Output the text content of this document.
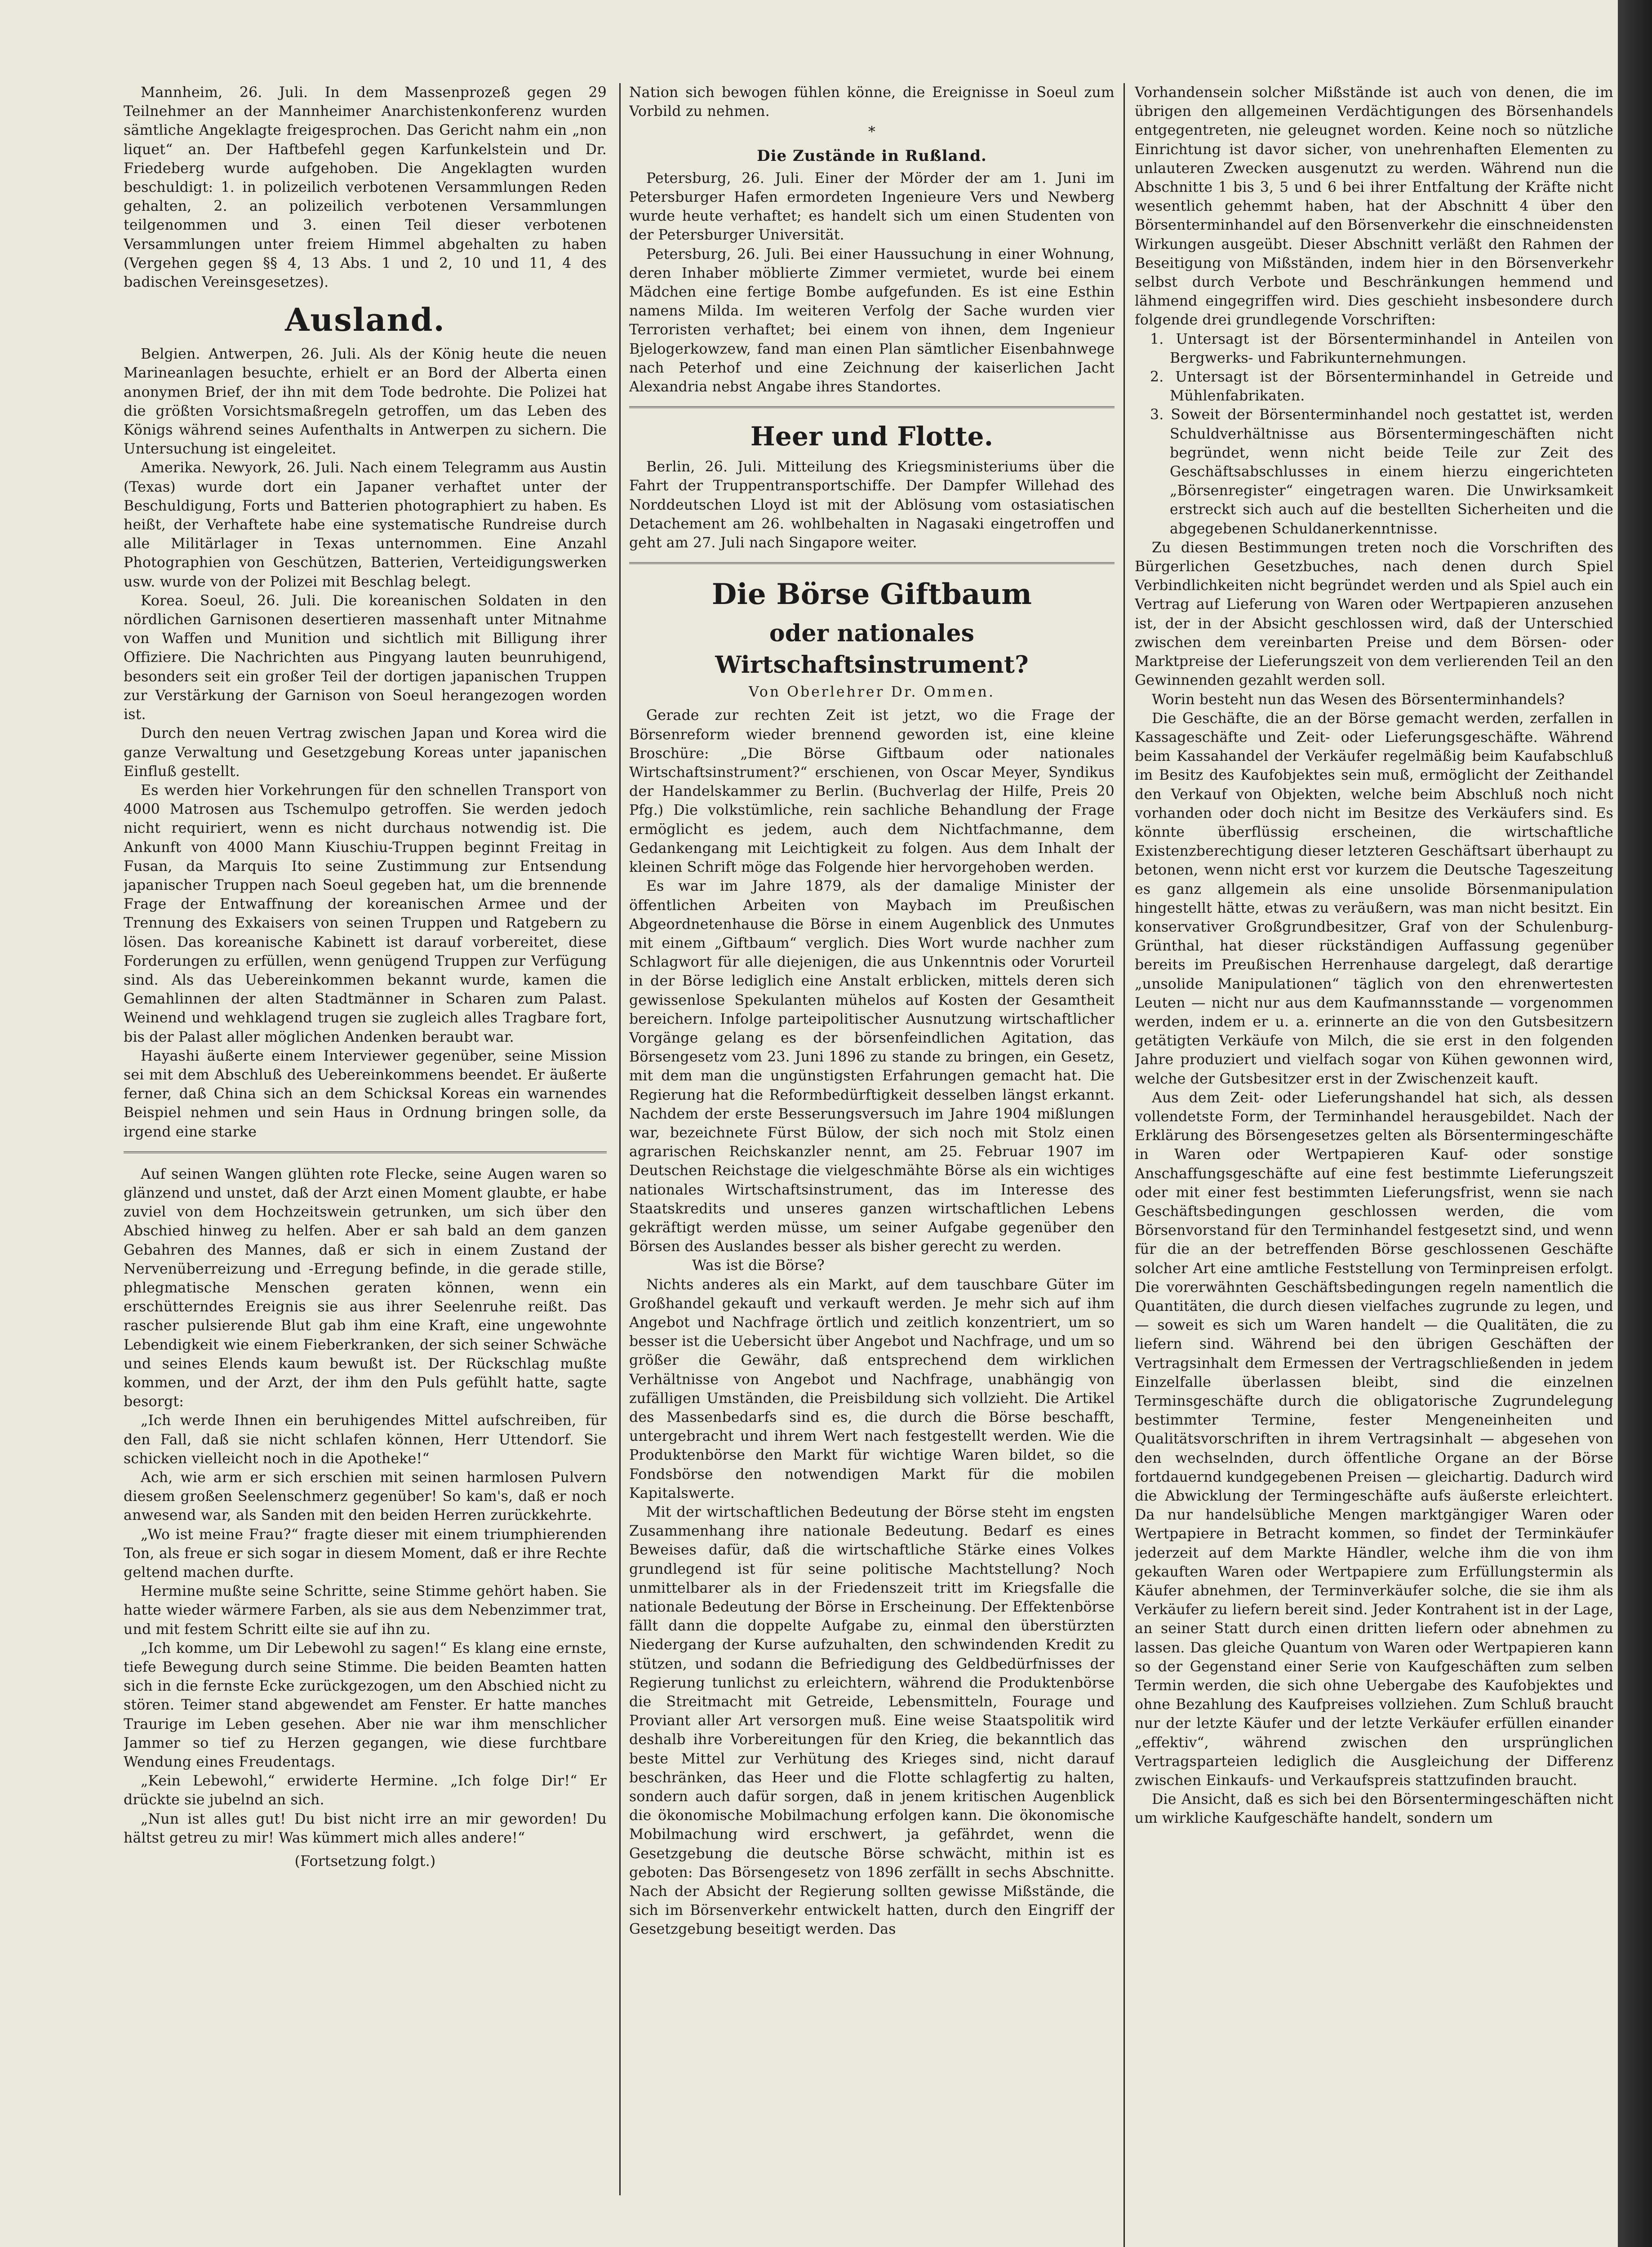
Mannheim, 26. Juli. In dem Massenprozeß gegen 29 Teilnehmer an der Mannheimer Anarchistenkonferenz wurden sämtliche Angeklagte freigesprochen. Das Gericht nahm ein „non liquet“ an. Der Haftbefehl gegen Karfunkelstein und Dr. Friedeberg wurde aufgehoben. Die Angeklagten wurden beschuldigt: 1. in polizeilich verbotenen Versammlungen Reden gehalten, 2. an polizeilich verbotenen Versammlungen teilgenommen und 3. einen Teil dieser verbotenen Versammlungen unter freiem Himmel abgehalten zu haben (Vergehen gegen §§ 4, 13 Abs. 1 und 2, 10 und 11, 4 des badischen Vereinsgesetzes).

Ausland.

Belgien. Antwerpen, 26. Juli. Als der König heute die neuen Marineanlagen besuchte, erhielt er an Bord der Alberta einen anonymen Brief, der ihn mit dem Tode bedrohte. Die Polizei hat die größten Vorsichtsmaßregeln getroffen, um das Leben des Königs während seines Aufenthalts in Antwerpen zu sichern. Die Untersuchung ist eingeleitet.

Amerika. Newyork, 26. Juli. Nach einem Telegramm aus Austin (Texas) wurde dort ein Japaner verhaftet unter der Beschuldigung, Forts und Batterien photographiert zu haben. Es heißt, der Verhaftete habe eine systematische Rundreise durch alle Militärlager in Texas unternommen. Eine Anzahl Photographien von Geschützen, Batterien, Verteidigungswerken usw. wurde von der Polizei mit Beschlag belegt.

Korea. Soeul, 26. Juli. Die koreanischen Soldaten in den nördlichen Garnisonen desertieren massenhaft unter Mitnahme von Waffen und Munition und sichtlich mit Billigung ihrer Offiziere. Die Nachrichten aus Pingyang lauten beunruhigend, besonders seit ein großer Teil der dortigen japanischen Truppen zur Verstärkung der Garnison von Soeul herangezogen worden ist.

Durch den neuen Vertrag zwischen Japan und Korea wird die ganze Verwaltung und Gesetzgebung Koreas unter japanischen Einfluß gestellt.

Es werden hier Vorkehrungen für den schnellen Transport von 4000 Matrosen aus Tschemulpo getroffen. Sie werden jedoch nicht requiriert, wenn es nicht durchaus notwendig ist. Die Ankunft von 4000 Mann Kiuschiu-Truppen beginnt Freitag in Fusan, da Marquis Ito seine Zustimmung zur Entsendung japanischer Truppen nach Soeul gegeben hat, um die brennende Frage der Entwaffnung der koreanischen Armee und der Trennung des Exkaisers von seinen Truppen und Ratgebern zu lösen. Das koreanische Kabinett ist darauf vorbereitet, diese Forderungen zu erfüllen, wenn genügend Truppen zur Verfügung sind. Als das Uebereinkommen bekannt wurde, kamen die Gemahlinnen der alten Stadtmänner in Scharen zum Palast. Weinend und wehklagend trugen sie zugleich alles Tragbare fort, bis der Palast aller möglichen Andenken beraubt war.

Hayashi äußerte einem Interviewer gegenüber, seine Mission sei mit dem Abschluß des Uebereinkommens beendet. Er äußerte ferner, daß China sich an dem Schicksal Koreas ein warnendes Beispiel nehmen und sein Haus in Ordnung bringen solle, da irgend eine starke

Auf seinen Wangen glühten rote Flecke, seine Augen waren so glänzend und unstet, daß der Arzt einen Moment glaubte, er habe zuviel von dem Hochzeitswein getrunken, um sich über den Abschied hinweg zu helfen. Aber er sah bald an dem ganzen Gebahren des Mannes, daß er sich in einem Zustand der Nervenüberreizung und -Erregung befinde, in die gerade stille, phlegmatische Menschen geraten können, wenn ein erschütterndes Ereignis sie aus ihrer Seelenruhe reißt. Das rascher pulsierende Blut gab ihm eine Kraft, eine ungewohnte Lebendigkeit wie einem Fieberkranken, der sich seiner Schwäche und seines Elends kaum bewußt ist. Der Rückschlag mußte kommen, und der Arzt, der ihm den Puls gefühlt hatte, sagte besorgt:

„Ich werde Ihnen ein beruhigendes Mittel aufschreiben, für den Fall, daß sie nicht schlafen können, Herr Uttendorf. Sie schicken vielleicht noch in die Apotheke!“

Ach, wie arm er sich erschien mit seinen harmlosen Pulvern diesem großen Seelenschmerz gegenüber! So kam's, daß er noch anwesend war, als Sanden mit den beiden Herren zurückkehrte.

„Wo ist meine Frau?“ fragte dieser mit einem triumphierenden Ton, als freue er sich sogar in diesem Moment, daß er ihre Rechte geltend machen durfte.

Hermine mußte seine Schritte, seine Stimme gehört haben. Sie hatte wieder wärmere Farben, als sie aus dem Nebenzimmer trat, und mit festem Schritt eilte sie auf ihn zu.

„Ich komme, um Dir Lebewohl zu sagen!“ Es klang eine ernste, tiefe Bewegung durch seine Stimme. Die beiden Beamten hatten sich in die fernste Ecke zurückgezogen, um den Abschied nicht zu stören. Teimer stand abgewendet am Fenster. Er hatte manches Traurige im Leben gesehen. Aber nie war ihm menschlicher Jammer so tief zu Herzen gegangen, wie diese furchtbare Wendung eines Freudentags.

„Kein Lebewohl,“ erwiderte Hermine. „Ich folge Dir!“ Er drückte sie jubelnd an sich.

„Nun ist alles gut! Du bist nicht irre an mir geworden! Du hältst getreu zu mir! Was kümmert mich alles andere!“

(Fortsetzung folgt.)

Nation sich bewogen fühlen könne, die Ereignisse in Soeul zum Vorbild zu nehmen.

*
Die Zustände in Rußland.

Petersburg, 26. Juli. Einer der Mörder der am 1. Juni im Petersburger Hafen ermordeten Ingenieure Vers und Newberg wurde heute verhaftet; es handelt sich um einen Studenten von der Petersburger Universität.

Petersburg, 26. Juli. Bei einer Haussuchung in einer Wohnung, deren Inhaber möblierte Zimmer vermietet, wurde bei einem Mädchen eine fertige Bombe aufgefunden. Es ist eine Esthin namens Milda. Im weiteren Verfolg der Sache wurden vier Terroristen verhaftet; bei einem von ihnen, dem Ingenieur Bjelogerkowzew, fand man einen Plan sämtlicher Eisenbahnwege nach Peterhof und eine Zeichnung der kaiserlichen Jacht Alexandria nebst Angabe ihres Standortes.

Heer und Flotte.

Berlin, 26. Juli. Mitteilung des Kriegsministeriums über die Fahrt der Truppentransportschiffe. Der Dampfer Willehad des Norddeutschen Lloyd ist mit der Ablösung vom ostasiatischen Detachement am 26. wohlbehalten in Nagasaki eingetroffen und geht am 27. Juli nach Singapore weiter.

Die Börse Giftbaum
oder nationales Wirtschaftsinstrument?
Von Oberlehrer Dr. Ommen.

Gerade zur rechten Zeit ist jetzt, wo die Frage der Börsenreform wieder brennend geworden ist, eine kleine Broschüre: „Die Börse Giftbaum oder nationales Wirtschaftsinstrument?“ erschienen, von Oscar Meyer, Syndikus der Handelskammer zu Berlin. (Buchverlag der Hilfe, Preis 20 Pfg.) Die volkstümliche, rein sachliche Behandlung der Frage ermöglicht es jedem, auch dem Nichtfachmanne, dem Gedankengang mit Leichtigkeit zu folgen. Aus dem Inhalt der kleinen Schrift möge das Folgende hier hervorgehoben werden.

Es war im Jahre 1879, als der damalige Minister der öffentlichen Arbeiten von Maybach im Preußischen Abgeordnetenhause die Börse in einem Augenblick des Unmutes mit einem „Giftbaum“ verglich. Dies Wort wurde nachher zum Schlagwort für alle diejenigen, die aus Unkenntnis oder Vorurteil in der Börse lediglich eine Anstalt erblicken, mittels deren sich gewissenlose Spekulanten mühelos auf Kosten der Gesamtheit bereichern. Infolge parteipolitischer Ausnutzung wirtschaftlicher Vorgänge gelang es der börsenfeindlichen Agitation, das Börsengesetz vom 23. Juni 1896 zu stande zu bringen, ein Gesetz, mit dem man die ungünstigsten Erfahrungen gemacht hat. Die Regierung hat die Reformbedürftigkeit desselben längst erkannt. Nachdem der erste Besserungsversuch im Jahre 1904 mißlungen war, bezeichnete Fürst Bülow, der sich noch mit Stolz einen agrarischen Reichskanzler nennt, am 25. Februar 1907 im Deutschen Reichstage die vielgeschmähte Börse als ein wichtiges nationales Wirtschaftsinstrument, das im Interesse des Staatskredits und unseres ganzen wirtschaftlichen Lebens gekräftigt werden müsse, um seiner Aufgabe gegenüber den Börsen des Auslandes besser als bisher gerecht zu werden.

Was ist die Börse?

Nichts anderes als ein Markt, auf dem tauschbare Güter im Großhandel gekauft und verkauft werden. Je mehr sich auf ihm Angebot und Nachfrage örtlich und zeitlich konzentriert, um so besser ist die Uebersicht über Angebot und Nachfrage, und um so größer die Gewähr, daß entsprechend dem wirklichen Verhältnisse von Angebot und Nachfrage, unabhängig von zufälligen Umständen, die Preisbildung sich vollzieht. Die Artikel des Massenbedarfs sind es, die durch die Börse beschafft, untergebracht und ihrem Wert nach festgestellt werden. Wie die Produktenbörse den Markt für wichtige Waren bildet, so die Fondsbörse den notwendigen Markt für die mobilen Kapitalswerte.

Mit der wirtschaftlichen Bedeutung der Börse steht im engsten Zusammenhang ihre nationale Bedeutung. Bedarf es eines Beweises dafür, daß die wirtschaftliche Stärke eines Volkes grundlegend ist für seine politische Machtstellung? Noch unmittelbarer als in der Friedenszeit tritt im Kriegsfalle die nationale Bedeutung der Börse in Erscheinung. Der Effektenbörse fällt dann die doppelte Aufgabe zu, einmal den überstürzten Niedergang der Kurse aufzuhalten, den schwindenden Kredit zu stützen, und sodann die Befriedigung des Geldbedürfnisses der Regierung tunlichst zu erleichtern, während die Produktenbörse die Streitmacht mit Getreide, Lebensmitteln, Fourage und Proviant aller Art versorgen muß. Eine weise Staatspolitik wird deshalb ihre Vorbereitungen für den Krieg, die bekanntlich das beste Mittel zur Verhütung des Krieges sind, nicht darauf beschränken, das Heer und die Flotte schlagfertig zu halten, sondern auch dafür sorgen, daß in jenem kritischen Augenblick die ökonomische Mobilmachung erfolgen kann. Die ökonomische Mobilmachung wird erschwert, ja gefährdet, wenn die Gesetzgebung die deutsche Börse schwächt, mithin ist es geboten: Das Börsengesetz von 1896 zerfällt in sechs Abschnitte. Nach der Absicht der Regierung sollten gewisse Mißstände, die sich im Börsenverkehr entwickelt hatten, durch den Eingriff der Gesetzgebung beseitigt werden. Das

Vorhandensein solcher Mißstände ist auch von denen, die im übrigen den allgemeinen Verdächtigungen des Börsenhandels entgegentreten, nie geleugnet worden. Keine noch so nützliche Einrichtung ist davor sicher, von unehrenhaften Elementen zu unlauteren Zwecken ausgenutzt zu werden. Während nun die Abschnitte 1 bis 3, 5 und 6 bei ihrer Entfaltung der Kräfte nicht wesentlich gehemmt haben, hat der Abschnitt 4 über den Börsenterminhandel auf den Börsenverkehr die einschneidensten Wirkungen ausgeübt. Dieser Abschnitt verläßt den Rahmen der Beseitigung von Mißständen, indem hier in den Börsenverkehr selbst durch Verbote und Beschränkungen hemmend und lähmend eingegriffen wird. Dies geschieht insbesondere durch folgende drei grundlegende Vorschriften:

1. Untersagt ist der Börsenterminhandel in Anteilen von Bergwerks- und Fabrikunternehmungen.

2. Untersagt ist der Börsenterminhandel in Getreide und Mühlenfabrikaten.

3. Soweit der Börsenterminhandel noch gestattet ist, werden Schuldverhältnisse aus Börsentermingeschäften nicht begründet, wenn nicht beide Teile zur Zeit des Geschäftsabschlusses in einem hierzu eingerichteten „Börsenregister“ eingetragen waren. Die Unwirksamkeit erstreckt sich auch auf die bestellten Sicherheiten und die abgegebenen Schuldanerkenntnisse.

Zu diesen Bestimmungen treten noch die Vorschriften des Bürgerlichen Gesetzbuches, nach denen durch Spiel Verbindlichkeiten nicht begründet werden und als Spiel auch ein Vertrag auf Lieferung von Waren oder Wertpapieren anzusehen ist, der in der Absicht geschlossen wird, daß der Unterschied zwischen dem vereinbarten Preise und dem Börsen- oder Marktpreise der Lieferungszeit von dem verlierenden Teil an den Gewinnenden gezahlt werden soll.

Worin besteht nun das Wesen des Börsenterminhandels?

Die Geschäfte, die an der Börse gemacht werden, zerfallen in Kassageschäfte und Zeit- oder Lieferungsgeschäfte. Während beim Kassahandel der Verkäufer regelmäßig beim Kaufabschluß im Besitz des Kaufobjektes sein muß, ermöglicht der Zeithandel den Verkauf von Objekten, welche beim Abschluß noch nicht vorhanden oder doch nicht im Besitze des Verkäufers sind. Es könnte überflüssig erscheinen, die wirtschaftliche Existenzberechtigung dieser letzteren Geschäftsart überhaupt zu betonen, wenn nicht erst vor kurzem die Deutsche Tageszeitung es ganz allgemein als eine unsolide Börsenmanipulation hingestellt hätte, etwas zu veräußern, was man nicht besitzt. Ein konservativer Großgrundbesitzer, Graf von der Schulenburg-Grünthal, hat dieser rückständigen Auffassung gegenüber bereits im Preußischen Herrenhause dargelegt, daß derartige „unsolide Manipulationen“ täglich von den ehrenwertesten Leuten — nicht nur aus dem Kaufmannsstande — vorgenommen werden, indem er u. a. erinnerte an die von den Gutsbesitzern getätigten Verkäufe von Milch, die sie erst in den folgenden Jahre produziert und vielfach sogar von Kühen gewonnen wird, welche der Gutsbesitzer erst in der Zwischenzeit kauft.

Aus dem Zeit- oder Lieferungshandel hat sich, als dessen vollendetste Form, der Terminhandel herausgebildet. Nach der Erklärung des Börsengesetzes gelten als Börsentermingeschäfte in Waren oder Wertpapieren Kauf- oder sonstige Anschaffungsgeschäfte auf eine fest bestimmte Lieferungszeit oder mit einer fest bestimmten Lieferungsfrist, wenn sie nach Geschäftsbedingungen geschlossen werden, die vom Börsenvorstand für den Terminhandel festgesetzt sind, und wenn für die an der betreffenden Börse geschlossenen Geschäfte solcher Art eine amtliche Feststellung von Terminpreisen erfolgt. Die vorerwähnten Geschäftsbedingungen regeln namentlich die Quantitäten, die durch diesen vielfaches zugrunde zu legen, und — soweit es sich um Waren handelt — die Qualitäten, die zu liefern sind. Während bei den übrigen Geschäften der Vertragsinhalt dem Ermessen der Vertragschließenden in jedem Einzelfalle überlassen bleibt, sind die einzelnen Terminsgeschäfte durch die obligatorische Zugrundelegung bestimmter Termine, fester Mengeneinheiten und Qualitätsvorschriften in ihrem Vertragsinhalt — abgesehen von den wechselnden, durch öffentliche Organe an der Börse fortdauernd kundgegebenen Preisen — gleichartig. Dadurch wird die Abwicklung der Termingeschäfte aufs äußerste erleichtert. Da nur handelsübliche Mengen marktgängiger Waren oder Wertpapiere in Betracht kommen, so findet der Terminkäufer jederzeit auf dem Markte Händler, welche ihm die von ihm gekauften Waren oder Wertpapiere zum Erfüllungstermin als Käufer abnehmen, der Terminverkäufer solche, die sie ihm als Verkäufer zu liefern bereit sind. Jeder Kontrahent ist in der Lage, an seiner Statt durch einen dritten liefern oder abnehmen zu lassen. Das gleiche Quantum von Waren oder Wertpapieren kann so der Gegenstand einer Serie von Kaufgeschäften zum selben Termin werden, die sich ohne Uebergabe des Kaufobjektes und ohne Bezahlung des Kaufpreises vollziehen. Zum Schluß braucht nur der letzte Käufer und der letzte Verkäufer erfüllen einander „effektiv“, während zwischen den ursprünglichen Vertragsparteien lediglich die Ausgleichung der Differenz zwischen Einkaufs- und Verkaufspreis stattzufinden braucht.

Die Ansicht, daß es sich bei den Börsentermingeschäften nicht um wirkliche Kaufgeschäfte handelt, sondern um
